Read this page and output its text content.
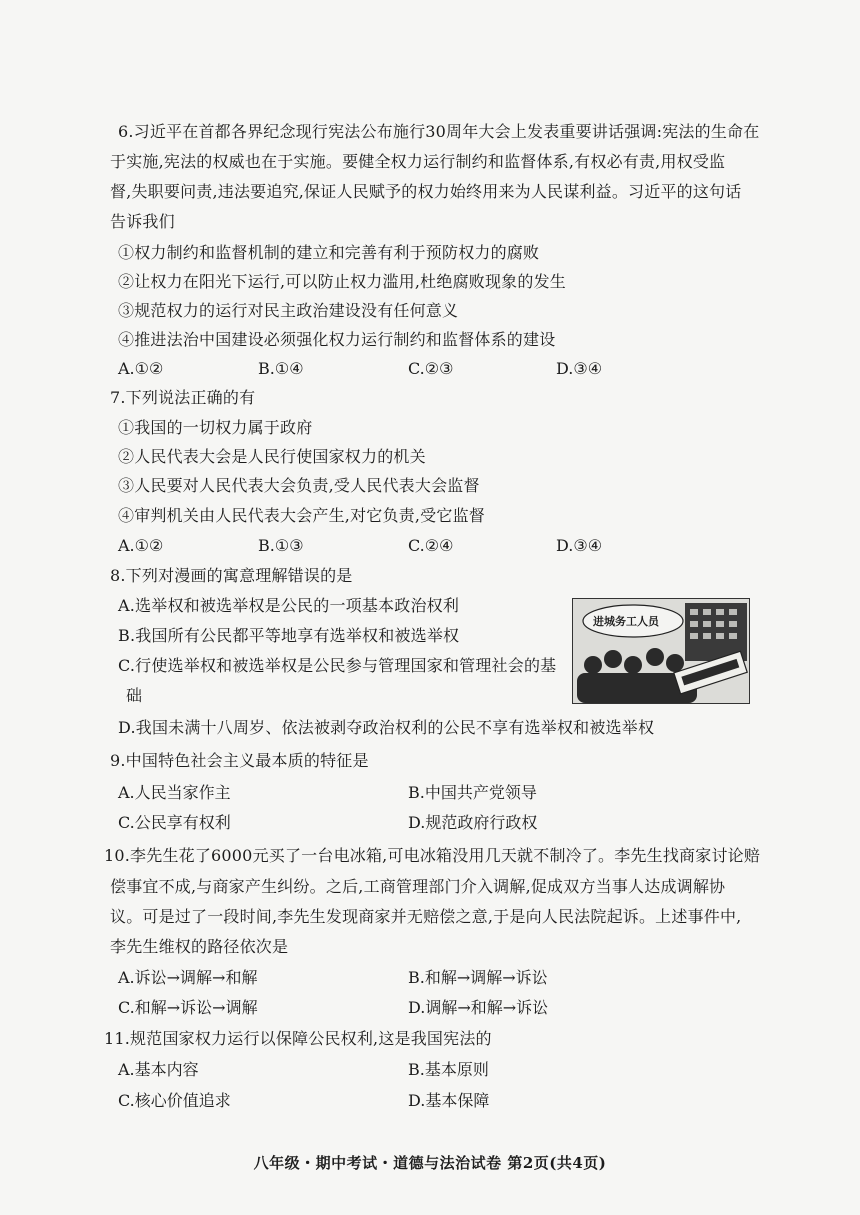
6.习近平在首都各界纪念现行宪法公布施行30周年大会上发表重要讲话强调:宪法的生命在
于实施,宪法的权威也在于实施。要健全权力运行制约和监督体系,有权必有责,用权受监
督,失职要问责,违法要追究,保证人民赋予的权力始终用来为人民谋利益。习近平的这句话
告诉我们
①权力制约和监督机制的建立和完善有利于预防权力的腐败
②让权力在阳光下运行,可以防止权力滥用,杜绝腐败现象的发生
③规范权力的运行对民主政治建设没有任何意义
④推进法治中国建设必须强化权力运行制约和监督体系的建设
A.①②	B.①④	C.②③	D.③④
7.下列说法正确的有
①我国的一切权力属于政府
②人民代表大会是人民行使国家权力的机关
③人民要对人民代表大会负责,受人民代表大会监督
④审判机关由人民代表大会产生,对它负责,受它监督
A.①②	B.①③	C.②④	D.③④
8.下列对漫画的寓意理解错误的是
A.选举权和被选举权是公民的一项基本政治权利
B.我国所有公民都平等地享有选举权和被选举权
C.行使选举权和被选举权是公民参与管理国家和管理社会的基
础
D.我国未满十八周岁、依法被剥夺政治权利的公民不享有选举权和被选举权
进城务工人员
9.中国特色社会主义最本质的特征是
A.人民当家作主	B.中国共产党领导
C.公民享有权利	D.规范政府行政权
10.李先生花了6000元买了一台电冰箱,可电冰箱没用几天就不制冷了。李先生找商家讨论赔
偿事宜不成,与商家产生纠纷。之后,工商管理部门介入调解,促成双方当事人达成调解协
议。可是过了一段时间,李先生发现商家并无赔偿之意,于是向人民法院起诉。上述事件中,
李先生维权的路径依次是
A.诉讼→调解→和解	B.和解→调解→诉讼
C.和解→诉讼→调解	D.调解→和解→诉讼
11.规范国家权力运行以保障公民权利,这是我国宪法的
A.基本内容	B.基本原则
C.核心价值追求	D.基本保障
八年级・期中考试・道德与法治试卷 第2页(共4页)
